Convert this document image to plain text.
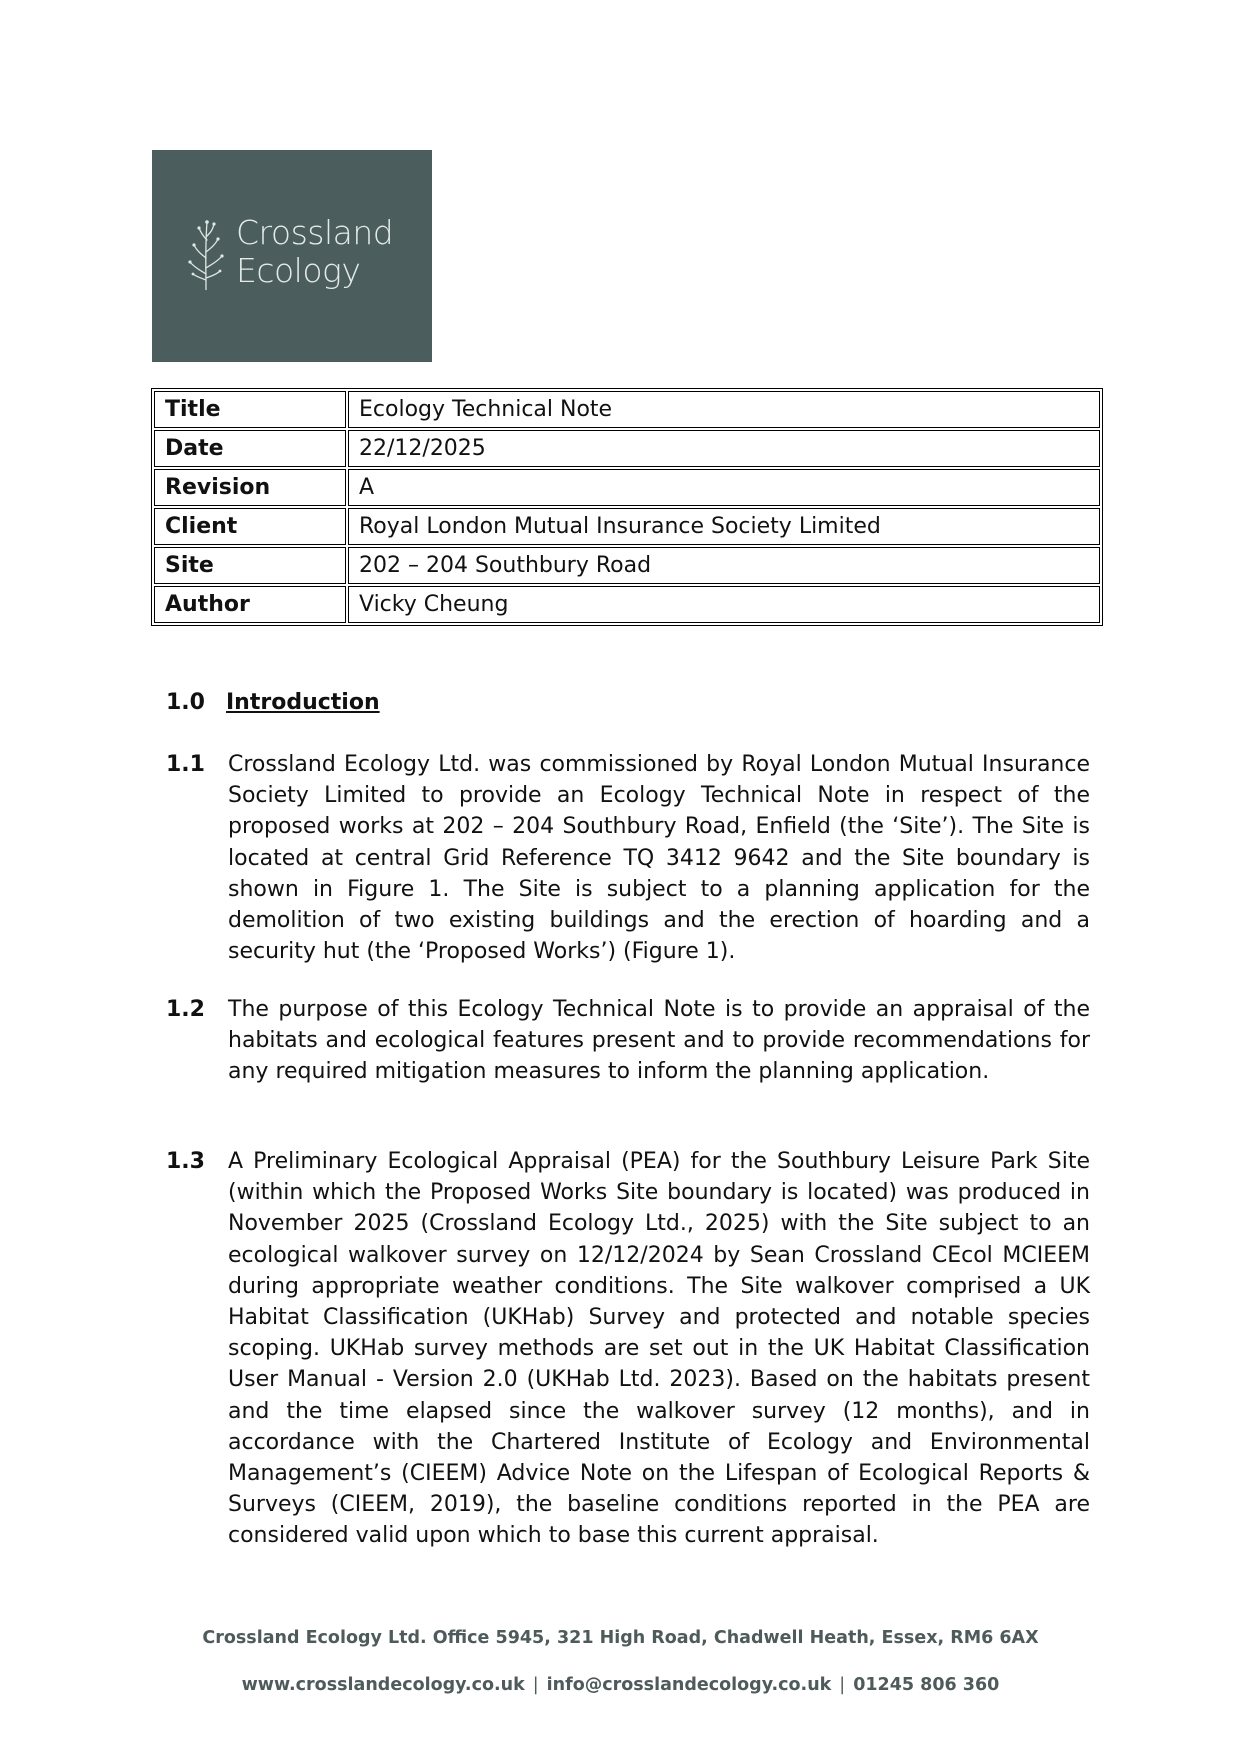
Crossland
Ecology
Title	Ecology Technical Note
Date	22/12/2025
Revision	A
Client	Royal London Mutual Insurance Society Limited
Site	202 – 204 Southbury Road
Author	Vicky Cheung
1.0 Introduction
1.1 Crossland Ecology Ltd. was commissioned by Royal London Mutual Insurance Society Limited to provide an Ecology Technical Note in respect of the proposed works at 202 – 204 Southbury Road, Enfield (the ‘Site’). The Site is located at central Grid Reference TQ 3412 9642 and the Site boundary is shown in Figure 1. The Site is subject to a planning application for the demolition of two existing buildings and the erection of hoarding and a security hut (the ‘Proposed Works’) (Figure 1).
1.2 The purpose of this Ecology Technical Note is to provide an appraisal of the habitats and ecological features present and to provide recommendations for any required mitigation measures to inform the planning application.
1.3 A Preliminary Ecological Appraisal (PEA) for the Southbury Leisure Park Site (within which the Proposed Works Site boundary is located) was produced in November 2025 (Crossland Ecology Ltd., 2025) with the Site subject to an ecological walkover survey on 12/12/2024 by Sean Crossland CEcol MCIEEM during appropriate weather conditions. The Site walkover comprised a UK Habitat Classification (UKHab) Survey and protected and notable species scoping. UKHab survey methods are set out in the UK Habitat Classification User Manual - Version 2.0 (UKHab Ltd. 2023). Based on the habitats present and the time elapsed since the walkover survey (12 months), and in accordance with the Chartered Institute of Ecology and Environmental Management’s (CIEEM) Advice Note on the Lifespan of Ecological Reports & Surveys (CIEEM, 2019), the baseline conditions reported in the PEA are considered valid upon which to base this current appraisal.
Crossland Ecology Ltd. Office 5945, 321 High Road, Chadwell Heath, Essex, RM6 6AX
www.crosslandecology.co.uk | info@crosslandecology.co.uk | 01245 806 360
